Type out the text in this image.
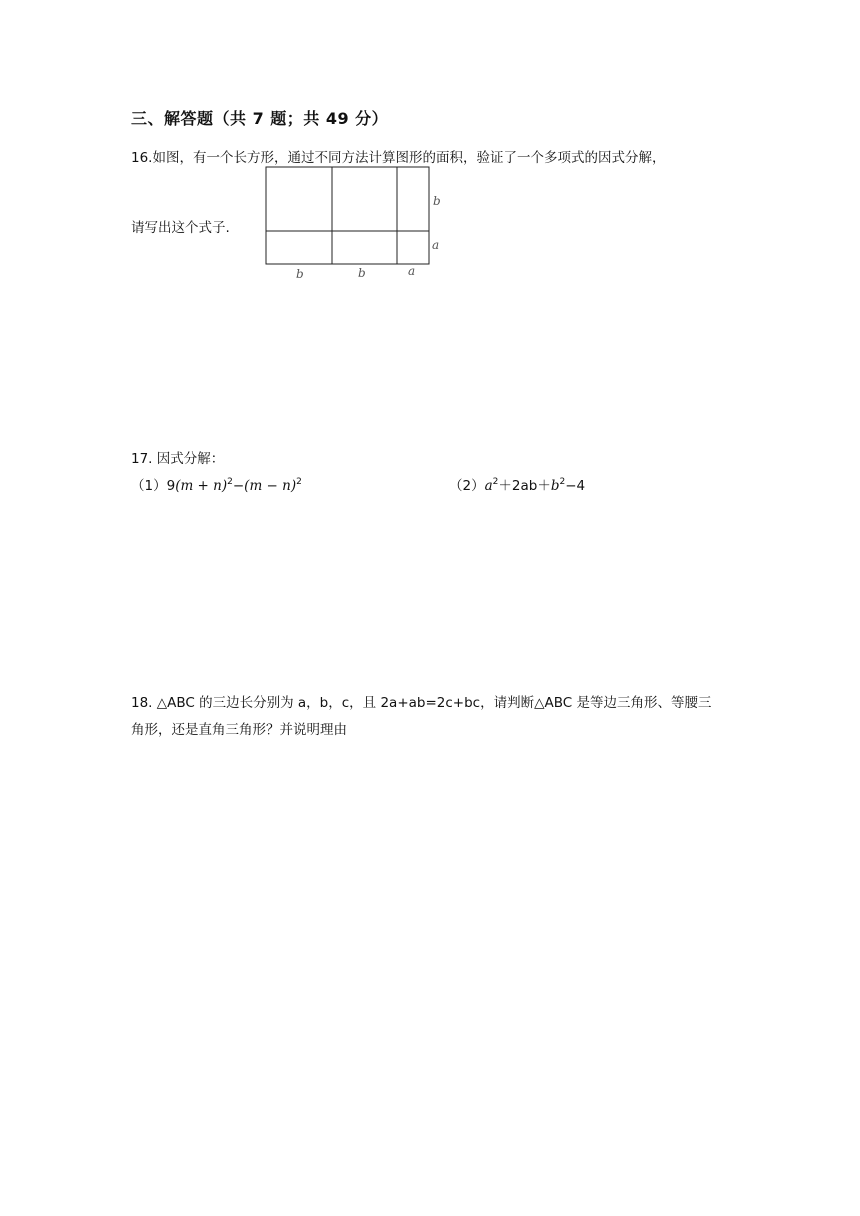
三、解答题（共 7 题；共 49 分）
16.如图，有一个长方形，通过不同方法计算图形的面积，验证了一个多项式的因式分解，
请写出这个式子.
b
a
b	b	a
17. 因式分解：
$(1)9(m + n)^2-(m - n)^2$	$(2)a^2+2ab+b^2-4$
18. △ABC 的三边长分别为 a，b，c，且 2a+ab=2c+bc，请判断△ABC 是等边三角形、等腰三
角形，还是直角三角形？并说明理由
